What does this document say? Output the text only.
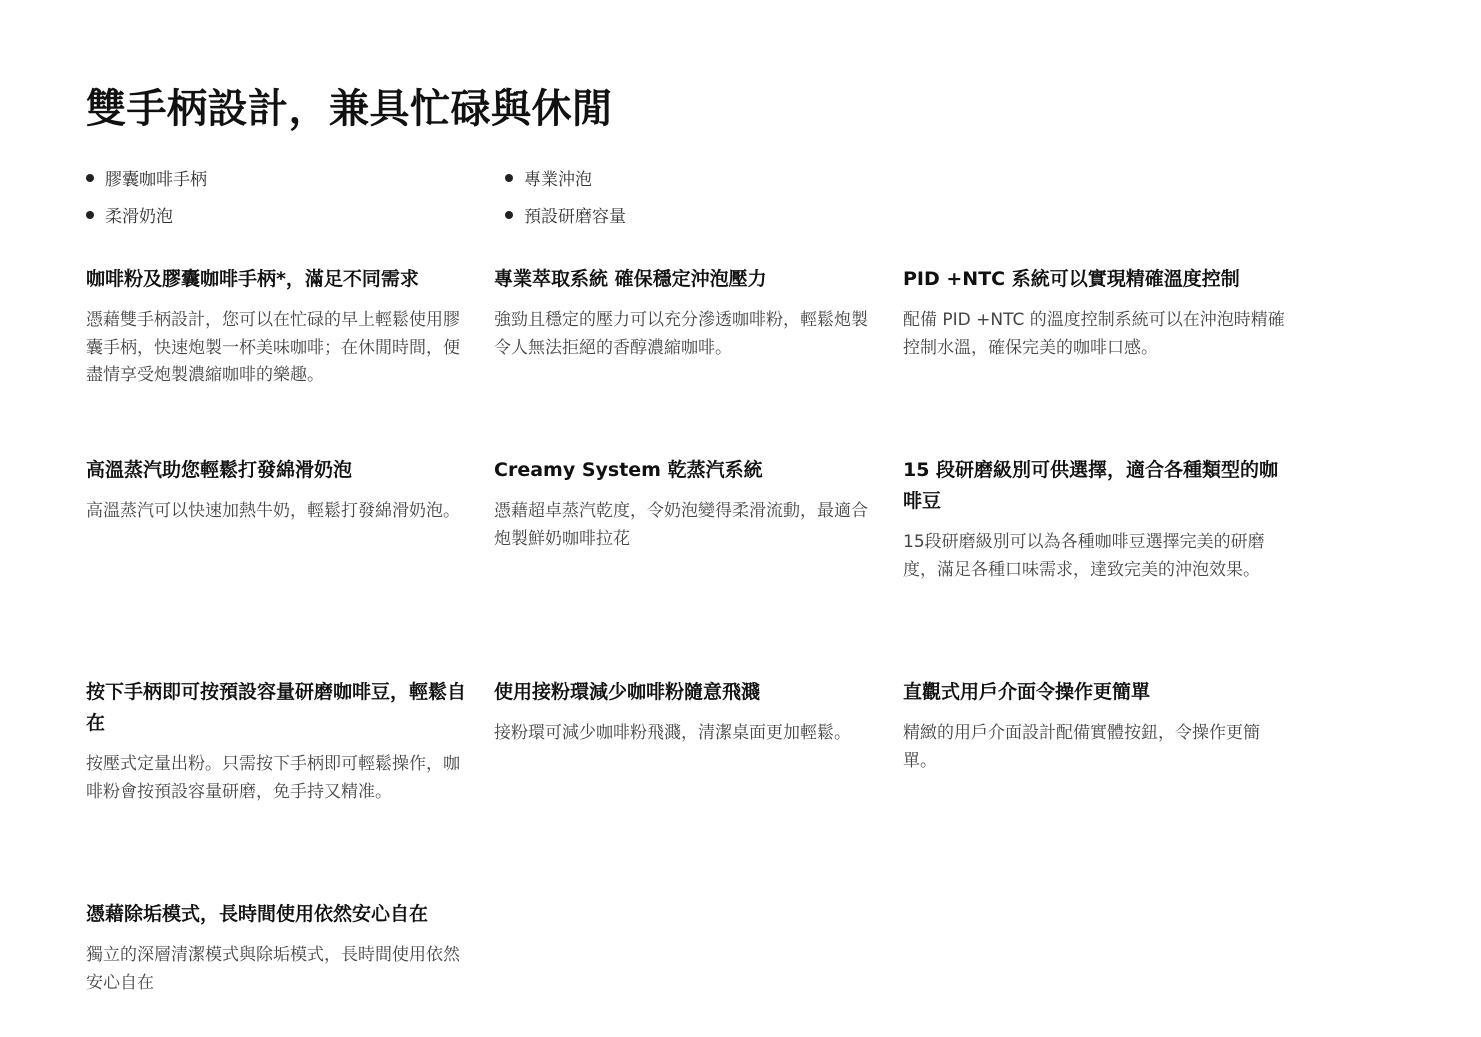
雙手柄設計，兼具忙碌與休閒
膠囊咖啡手柄	專業沖泡
柔滑奶泡	預設研磨容量
咖啡粉及膠囊咖啡手柄*，滿足不同需求

憑藉雙手柄設計，您可以在忙碌的早上輕鬆使用膠囊手柄，快速炮製一杯美味咖啡；在休閒時間，便盡情享受炮製濃縮咖啡的樂趣。

專業萃取系統 確保穩定沖泡壓力

強勁且穩定的壓力可以充分滲透咖啡粉，輕鬆炮製令人無法拒絕的香醇濃縮咖啡。

PID +NTC 系統可以實現精確溫度控制

配備 PID +NTC 的溫度控制系統可以在沖泡時精確控制水溫，確保完美的咖啡口感。

高溫蒸汽助您輕鬆打發綿滑奶泡

高溫蒸汽可以快速加熱牛奶，輕鬆打發綿滑奶泡。

Creamy System 乾蒸汽系統

憑藉超卓蒸汽乾度，令奶泡變得柔滑流動，最適合炮製鮮奶咖啡拉花

15 段研磨級別可供選擇，適合各種類型的咖啡豆

15段研磨級別可以為各種咖啡豆選擇完美的研磨度，滿足各種口味需求，達致完美的沖泡效果。

按下手柄即可按預設容量研磨咖啡豆，輕鬆自在

按壓式定量出粉。只需按下手柄即可輕鬆操作，咖啡粉會按預設容量研磨，免手持又精准。

使用接粉環減少咖啡粉隨意飛濺

接粉環可減少咖啡粉飛濺，清潔桌面更加輕鬆。

直觀式用戶介面令操作更簡單

精緻的用戶介面設計配備實體按鈕，令操作更簡單。

憑藉除垢模式，長時間使用依然安心自在

獨立的深層清潔模式與除垢模式，長時間使用依然安心自在
